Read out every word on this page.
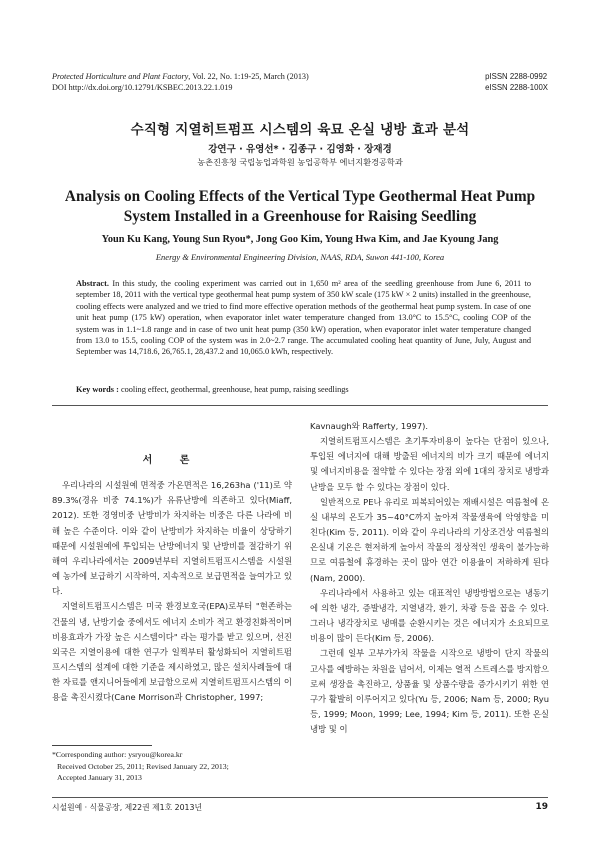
Protected Horticulture and Plant Factory, Vol. 22, No. 1:19-25, March (2013)
DOI http://dx.doi.org/10.12791/KSBEC.2013.22.1.019
pISSN 2288-0992
eISSN 2288-100X
수직형 지열히트펌프 시스템의 육묘 온실 냉방 효과 분석
강연구 · 유영선* · 김종구 · 김영화 · 장재경
농촌진흥청 국립농업과학원 농업공학부 에너지환경공학과
Analysis on Cooling Effects of the Vertical Type Geothermal Heat Pump System Installed in a Greenhouse for Raising Seedling
Youn Ku Kang, Young Sun Ryou*, Jong Goo Kim, Young Hwa Kim, and Jae Kyoung Jang
Energy & Environmental Engineering Division, NAAS, RDA, Suwon 441-100, Korea
Abstract. In this study, the cooling experiment was carried out in 1,650 m² area of the seedling greenhouse from June 6, 2011 to september 18, 2011 with the vertical type geothermal heat pump system of 350 kW scale (175 kW × 2 units) installed in the greenhouse, cooling effects were analyzed and we tried to find more effective operation methods of the geothermal heat pump system. In case of one unit heat pump (175 kW) operation, when evaporator inlet water temperature changed from 13.0°C to 15.5°C, cooling COP of the system was in 1.1~1.8 range and in case of two unit heat pump (350 kW) operation, when evaporator inlet water temperature changed from 13.0 to 15.5, cooling COP of the system was in 2.0~2.7 range. The accumulated cooling heat quantity of June, July, August and September was 14,718.6, 26,765.1, 28,437.2 and 10,065.0 kWh, respectively.
Key words : cooling effect, geothermal, greenhouse, heat pump, raising seedlings

서 론

우리나라의 시설원예 면적중 가온면적은 16,263ha ('11)로 약 89.3%(경유 비중 74.1%)가 유류난방에 의존하고 있다(Miaff, 2012). 또한 경영비중 난방비가 차지하는 비중은 다른 나라에 비해 높은 수준이다. 이와 같이 난방비가 차지하는 비율이 상당하기 때문에 시설원예에 투입되는 난방에너지 및 난방비를 절감하기 위해여 우리나라에서는 2009년부터 지열히트펌프시스템을 시설원예 농가에 보급하기 시작하여, 지속적으로 보급면적을 늘여가고 있다.

지열히트펌프시스템은 미국 환경보호국(EPA)로부터 "현존하는 건물의 냉, 난방기술 중에서도 에너지 소비가 적고 환경친화적이며 비용효과가 가장 높은 시스템이다" 라는 평가를 받고 있으며, 선진외국은 지열이용에 대한 연구가 일찍부터 활성화되어 지열히트펌프시스템의 설계에 대한 기준을 제시하였고, 많은 설치사례들에 대한 자료를 앤지니어들에게 보급함으로써 지열히트펌프시스템의 이용을 촉진시켰다(Cane Morrison과 Christopher, 1997;

Kavnaugh와 Rafferty, 1997).

지열히트펌프시스템은 초기투자비용이 높다는 단점이 있으나, 투입된 에너지에 대해 방출된 에너지의 비가 크기 때문에 에너지 및 에너지비용을 절약할 수 있다는 장점 외에 1대의 장치로 냉방과 난방을 모두 할 수 있다는 장점이 있다.

일반적으로 PE나 유리로 피복되어있는 재배시설은 여름철에 온실 내부의 온도가 35~40°C까지 높아져 작물생육에 악영향을 미친다(Kim 등, 2011). 이와 같이 우리나라의 기상조건상 여름철의 온실내 기온은 현저하게 높아서 작물의 정상적인 생육이 불가능하므로 여름철에 휴경하는 곳이 많아 연간 이용율이 저하하게 된다(Nam, 2000).

우리나라에서 사용하고 있는 대표적인 냉방방법으로는 냉동기에 의한 냉각, 증발냉각, 지열냉각, 환기, 차광 등을 꼽을 수 있다. 그러나 냉각장치로 냉매를 순환시키는 것은 에너지가 소요되므로 비용이 많이 든다(Kim 등, 2006).

그런데 일부 고부가가치 작물을 시작으로 냉방이 단지 작물의 고사를 예방하는 차원을 넘어서, 이제는 열적 스트레스를 방지함으로써 생장을 촉진하고, 상품율 및 상품수량을 증가시키기 위한 연구가 활발히 이루어지고 있다(Yu 등, 2006; Nam 등, 2000; Ryu 등, 1999; Moon, 1999; Lee, 1994; Kim 등, 2011). 또한 온실냉방 및 이

*Corresponding author: ysryou@korea.kr
Received October 25, 2011; Revised January 22, 2013;
Accepted January 31, 2013
시설원예 · 식물공장, 제22권 제1호 2013년	19
